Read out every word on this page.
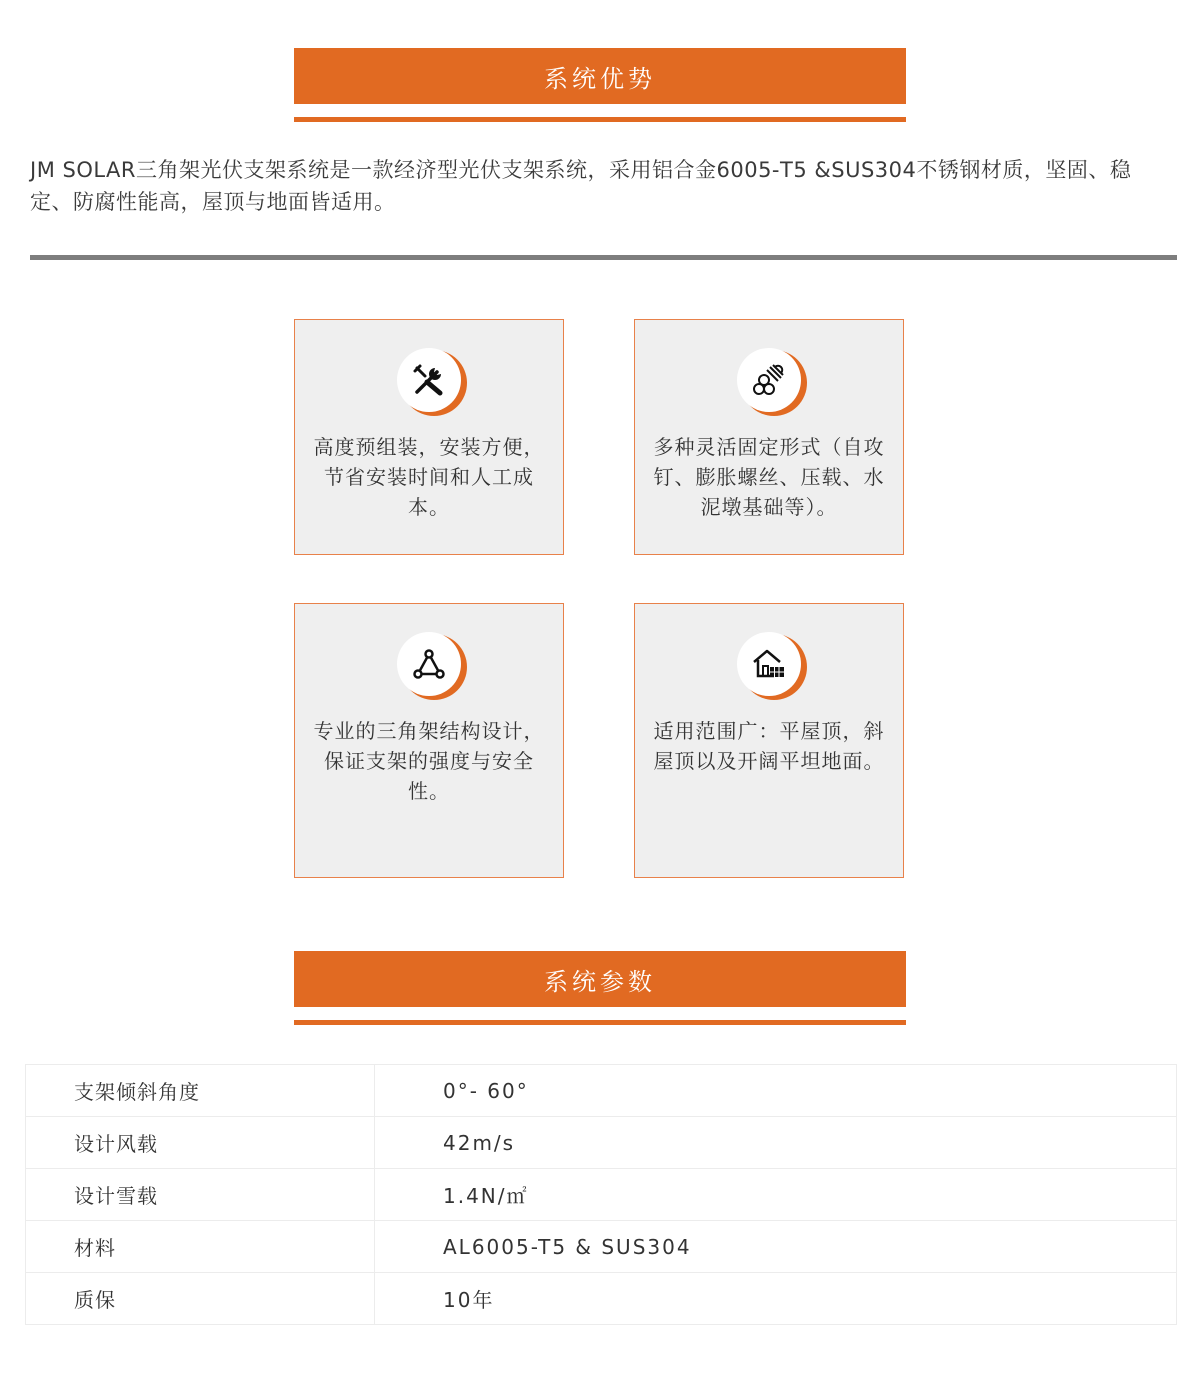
系统优势

JM SOLAR三角架光伏支架系统是一款经济型光伏支架系统，采用铝合金6005-T5 &SUS304不锈钢材质，坚固、稳定、防腐性能高，屋顶与地面皆适用。

高度预组装，安装方便，节省安装时间和人工成本。
多种灵活固定形式（自攻钉、膨胀螺丝、压载、水泥墩基础等）。
专业的三角架结构设计，保证支架的强度与安全性。
适用范围广：平屋顶，斜屋顶以及开阔平坦地面。
系统参数
支架倾斜角度	0°- 60°
设计风载	42m/s
设计雪载	1.4N/㎡
材料	AL6005-T5 & SUS304
质保	10年
